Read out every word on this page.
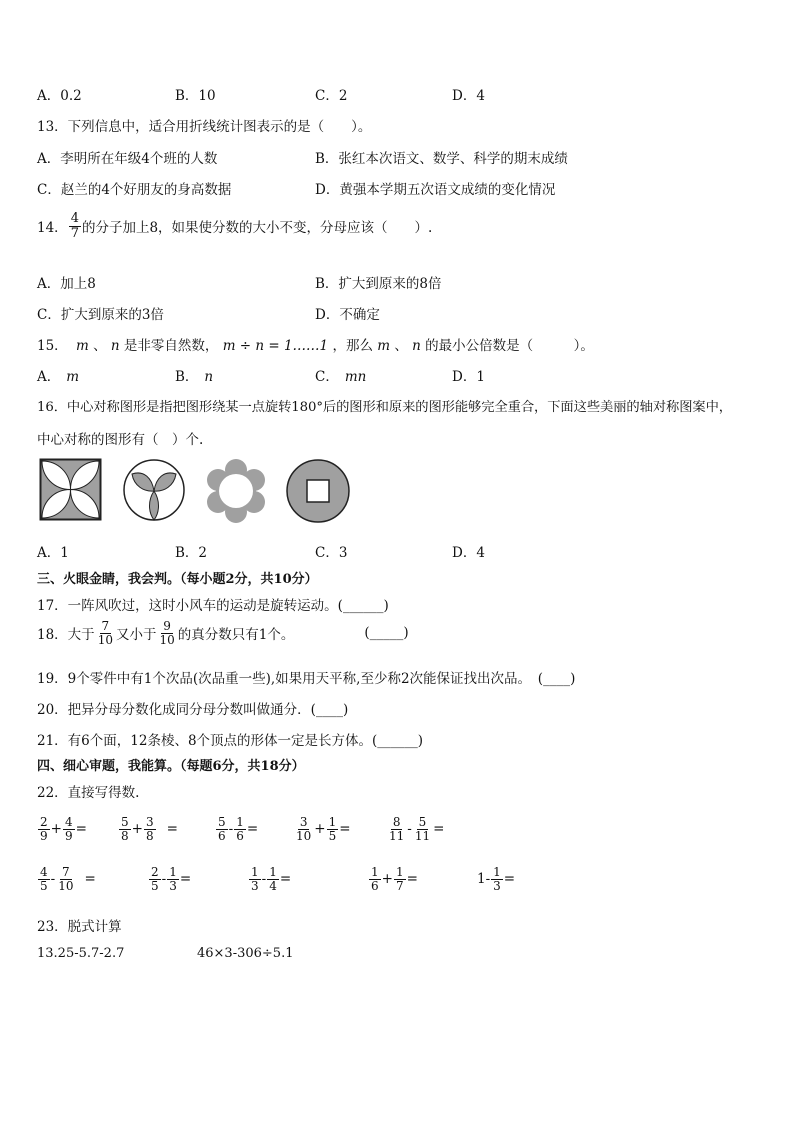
A．0.2	B．10	C．2	D．4
13．下列信息中，适合用折线统计图表示的是（　　）。
A．李明所在年级4个班的人数	B．张红本次语文、数学、科学的期末成绩
C．赵兰的4个好朋友的身高数据	D．黄强本学期五次语文成绩的变化情况
14． $\frac{4}{7}$ 的分子加上8，如果使分数的大小不变，分母应该（　　）.
A．加上8	B．扩大到原来的8倍
C．扩大到原来的3倍	D．不确定
15． m 、 n 是非零自然数， m ÷ n = 1……1 ，那么 m 、 n 的最小公倍数是（　　　）。
A． m	B． n	C． mn	D．1
16．中心对称图形是指把图形绕某一点旋转180°后的图形和原来的图形能够完全重合，下面这些美丽的轴对称图案中，
中心对称的图形有（　）个.
A．1	B．2	C．3	D．4
三、火眼金睛，我会判。（每小题2分，共10分）
17．一阵风吹过，这时小风车的运动是旋转运动。(______)
18．大于 $\frac{7}{10}$ 又小于 $\frac{9}{10}$ 的真分数只有1个。	(_____)
19．9个零件中有1个次品(次品重一些),如果用天平称,至少称2次能保证找出次品。　(____)
20．把异分母分数化成同分母分数叫做通分．(____)
21．有6个面，12条棱、8个顶点的形体一定是长方体。(______)
四、细心审题，我能算。（每题6分，共18分）
22．直接写得数.
$\frac{2}{9} + \frac{4}{9}$ =	$\frac{5}{8} + \frac{3}{8}$ =	$\frac{5}{6} - \frac{1}{6}$ =	$\frac{3}{10} + \frac{1}{5}$ =	$\frac{8}{11} - \frac{5}{11}$ =
$\frac{4}{5} - \frac{7}{10}$ =	$\frac{2}{5} - \frac{1}{3}$ =	$\frac{1}{3} - \frac{1}{4}$ =	$\frac{1}{6} + \frac{1}{7}$ =	$1 - \frac{1}{3}$ =
23．脱式计算
13.25-5.7-2.7	46×3-306÷5.1
